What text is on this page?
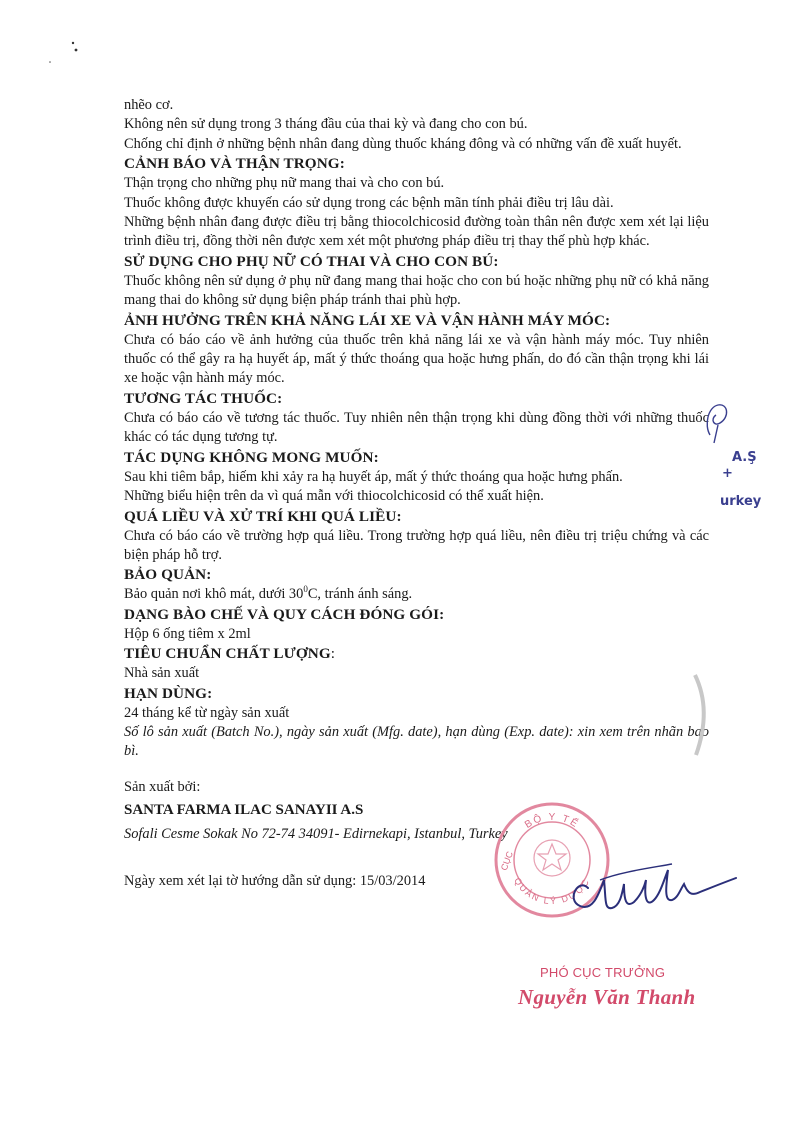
nhẽo cơ.

Không nên sử dụng trong 3 tháng đầu của thai kỳ và đang cho con bú.

Chống chỉ định ở những bệnh nhân đang dùng thuốc kháng đông và có những vấn đề xuất huyết.

CẢNH BÁO VÀ THẬN TRỌNG:

Thận trọng cho những phụ nữ mang thai và cho con bú.

Thuốc không được khuyến cáo sử dụng trong các bệnh mãn tính phải điều trị lâu dài.

Những bệnh nhân đang được điều trị bằng thiocolchicosid đường toàn thân nên được xem xét lại liệu trình điều trị, đồng thời nên được xem xét một phương pháp điều trị thay thế phù hợp khác.

SỬ DỤNG CHO PHỤ NỮ CÓ THAI VÀ CHO CON BÚ:

Thuốc không nên sử dụng ở phụ nữ đang mang thai hoặc cho con bú hoặc những phụ nữ có khả năng mang thai do không sử dụng biện pháp tránh thai phù hợp.

ẢNH HƯỞNG TRÊN KHẢ NĂNG LÁI XE VÀ VẬN HÀNH MÁY MÓC:

Chưa có báo cáo về ảnh hưởng của thuốc trên khả năng lái xe và vận hành máy móc. Tuy nhiên thuốc có thể gây ra hạ huyết áp, mất ý thức thoáng qua hoặc hưng phấn, do đó cần thận trọng khi lái xe hoặc vận hành máy móc.

TƯƠNG TÁC THUỐC:

Chưa có báo cáo về tương tác thuốc. Tuy nhiên nên thận trọng khi dùng đồng thời với những thuốc khác có tác dụng tương tự.

TÁC DỤNG KHÔNG MONG MUỐN:

Sau khi tiêm bắp, hiếm khi xảy ra hạ huyết áp, mất ý thức thoáng qua hoặc hưng phấn.

Những biểu hiện trên da vì quá mẫn với thiocolchicosid có thể xuất hiện.

QUÁ LIỀU VÀ XỬ TRÍ KHI QUÁ LIỀU:

Chưa có báo cáo về trường hợp quá liều. Trong trường hợp quá liều, nên điều trị triệu chứng và các biện pháp hỗ trợ.

BẢO QUẢN:

Bảo quản nơi khô mát, dưới $30^0C$, tránh ánh sáng.

DẠNG BÀO CHẾ VÀ QUY CÁCH ĐÓNG GÓI:

Hộp 6 ống tiêm x 2ml

TIÊU CHUẨN CHẤT LƯỢNG:

Nhà sản xuất

HẠN DÙNG:

24 tháng kể từ ngày sản xuất

Số lô sản xuất (Batch No.), ngày sản xuất (Mfg. date), hạn dùng (Exp. date): xin xem trên nhãn bao bì.

Sản xuất bởi:

SANTA FARMA ILAC SANAYII A.S

Sofali Cesme Sokak No 72-74 34091- Edirnekapi, Istanbul, Turkey

Ngày xem xét lại tờ hướng dẫn sử dụng: 15/03/2014

A.Ş
+
urkey
BỘ Y TẾ
QUẢN LÝ DƯỢC
CỤC
PHÓ CỤC TRƯỞNG
Nguyễn Văn Thanh
